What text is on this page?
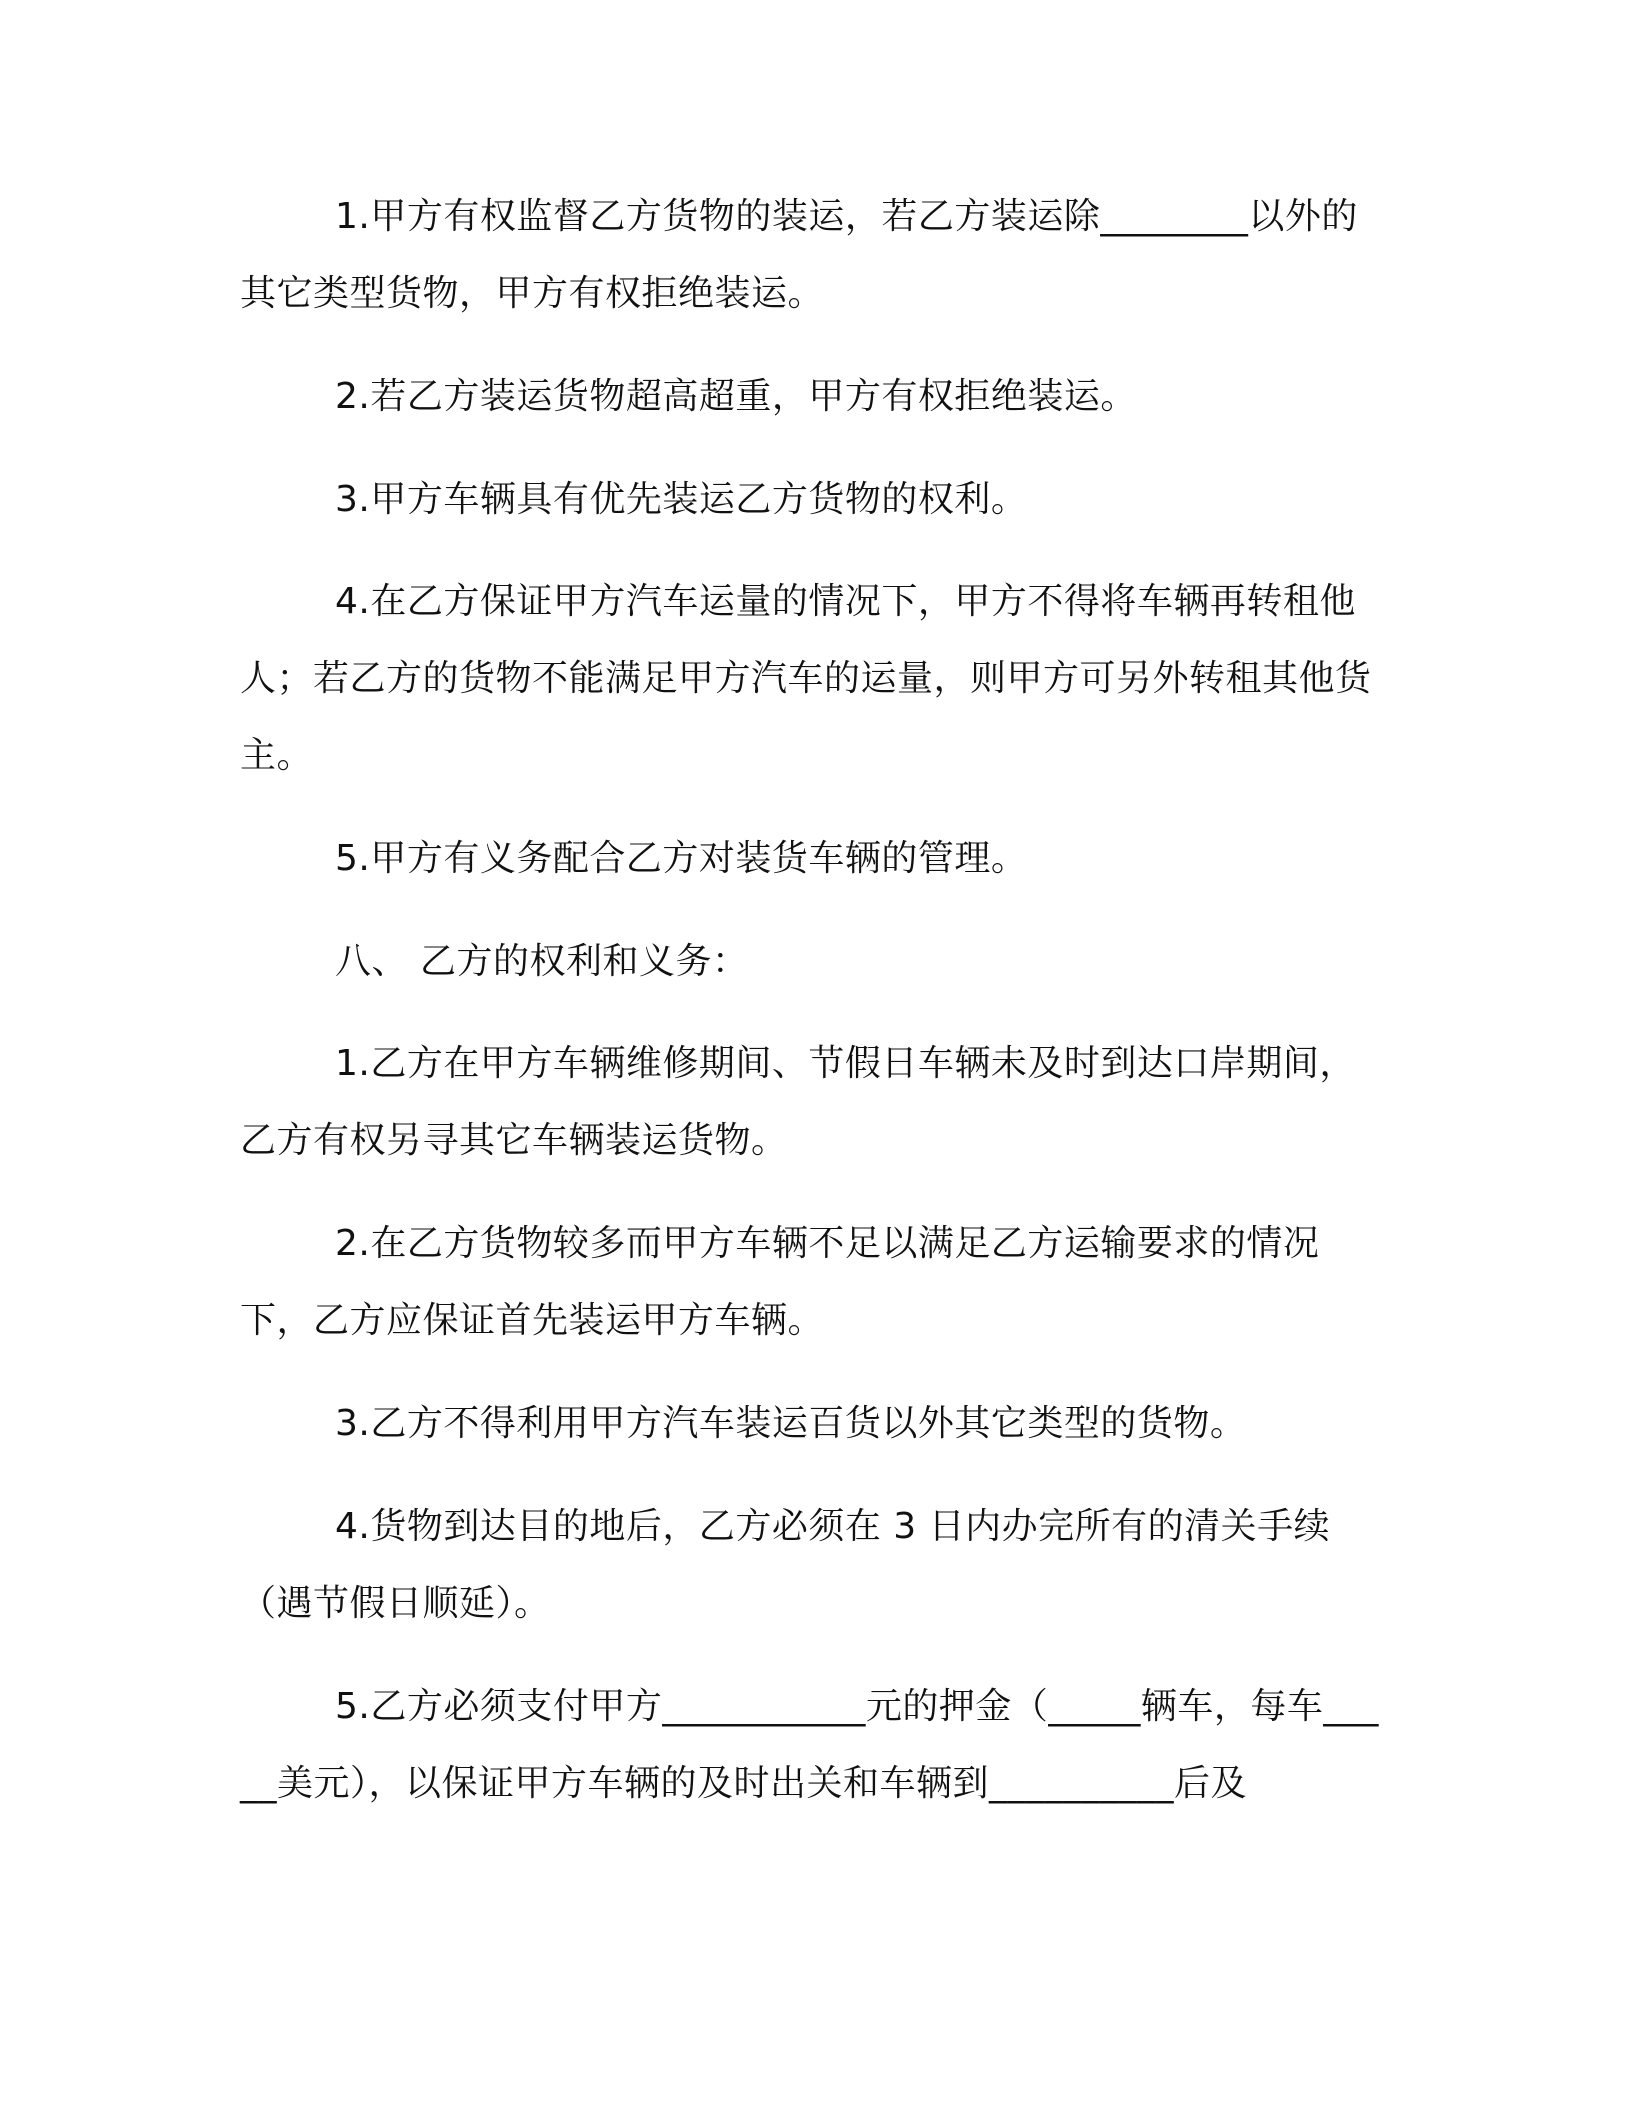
1.甲方有权监督乙方货物的装运，若乙方装运除________以外的其它类型货物，甲方有权拒绝装运。

2.若乙方装运货物超高超重，甲方有权拒绝装运。

3.甲方车辆具有优先装运乙方货物的权利。

4.在乙方保证甲方汽车运量的情况下，甲方不得将车辆再转租他人；若乙方的货物不能满足甲方汽车的运量，则甲方可另外转租其他货主。

5.甲方有义务配合乙方对装货车辆的管理。

八、 乙方的权利和义务：

1.乙方在甲方车辆维修期间、节假日车辆未及时到达口岸期间，乙方有权另寻其它车辆装运货物。

2.在乙方货物较多而甲方车辆不足以满足乙方运输要求的情况下，乙方应保证首先装运甲方车辆。

3.乙方不得利用甲方汽车装运百货以外其它类型的货物。

4.货物到达目的地后，乙方必须在 3 日内办完所有的清关手续（遇节假日顺延）。

5.乙方必须支付甲方___________元的押金（_____辆车，每车_____美元），以保证甲方车辆的及时出关和车辆到__________后及
